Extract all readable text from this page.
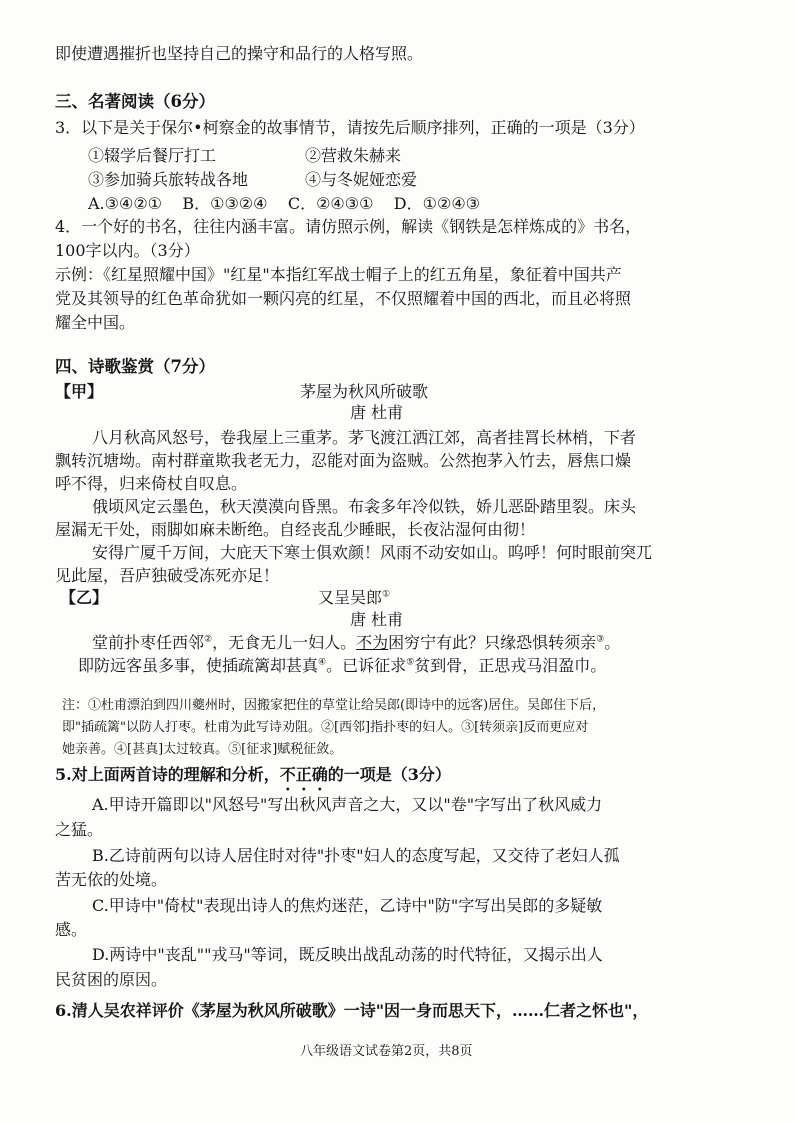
即使遭遇摧折也坚持自己的操守和品行的人格写照。
三、名著阅读（6分）
3．以下是关于保尔•柯察金的故事情节，请按先后顺序排列，正确的一项是（3分）
①辍学后餐厅打工	②营救朱赫来
③参加骑兵旅转战各地	④与冬妮娅恋爱
A.③④②①    B．①③②④    C．②④③①    D．①②④③
4．一个好的书名，往往内涵丰富。请仿照示例，解读《钢铁是怎样炼成的》书名，
100字以内。（3分）
示例：《红星照耀中国》"红星"本指红军战士帽子上的红五角星，象征着中国共产
党及其领导的红色革命犹如一颗闪亮的红星，不仅照耀着中国的西北，而且必将照
耀全中国。
四、诗歌鉴赏（7分）
【甲】	茅屋为秋风所破歌
唐 杜甫
八月秋高风怒号，卷我屋上三重茅。茅飞渡江洒江郊，高者挂罥长林梢，下者
飘转沉塘坳。南村群童欺我老无力，忍能对面为盗贼。公然抱茅入竹去，唇焦口燥
呼不得，归来倚杖自叹息。
俄顷风定云墨色，秋天漠漠向昏黑。布衾多年冷似铁，娇儿恶卧踏里裂。床头
屋漏无干处，雨脚如麻未断绝。自经丧乱少睡眠，长夜沾湿何由彻！
安得广厦千万间，大庇天下寒士俱欢颜！风雨不动安如山。呜呼！何时眼前突兀
见此屋，吾庐独破受冻死亦足！
【乙】	又呈吴郎①
唐 杜甫
堂前扑枣任西邻②，无食无儿一妇人。不为困穷宁有此？只缘恐惧转须亲③。
即防远客虽多事，使插疏篱却甚真④。已诉征求⑤贫到骨，正思戎马泪盈巾。
注：①杜甫漂泊到四川夔州时，因搬家把住的草堂让给吴郎(即诗中的远客)居住。吴郎住下后，
即"插疏篱"以防人打枣。杜甫为此写诗劝阻。②[西邻]指扑枣的妇人。③[转须亲]反而更应对
她亲善。④[甚真]太过较真。⑤[征求]赋税征敛。
5.对上面两首诗的理解和分析，不正确的一项是（3分）
A.甲诗开篇即以"风怒号"写出秋风声音之大，又以"卷"字写出了秋风威力
之猛。
B.乙诗前两句以诗人居住时对待"扑枣"妇人的态度写起，又交待了老妇人孤
苦无依的处境。
C.甲诗中"倚杖"表现出诗人的焦灼迷茫，乙诗中"防"字写出吴郎的多疑敏
感。
D.两诗中"丧乱""戎马"等词，既反映出战乱动荡的时代特征，又揭示出人
民贫困的原因。
6.清人吴农祥评价《茅屋为秋风所破歌》一诗"因一身而思天下，……仁者之怀也"，
八年级语文试卷第2页，共8页
